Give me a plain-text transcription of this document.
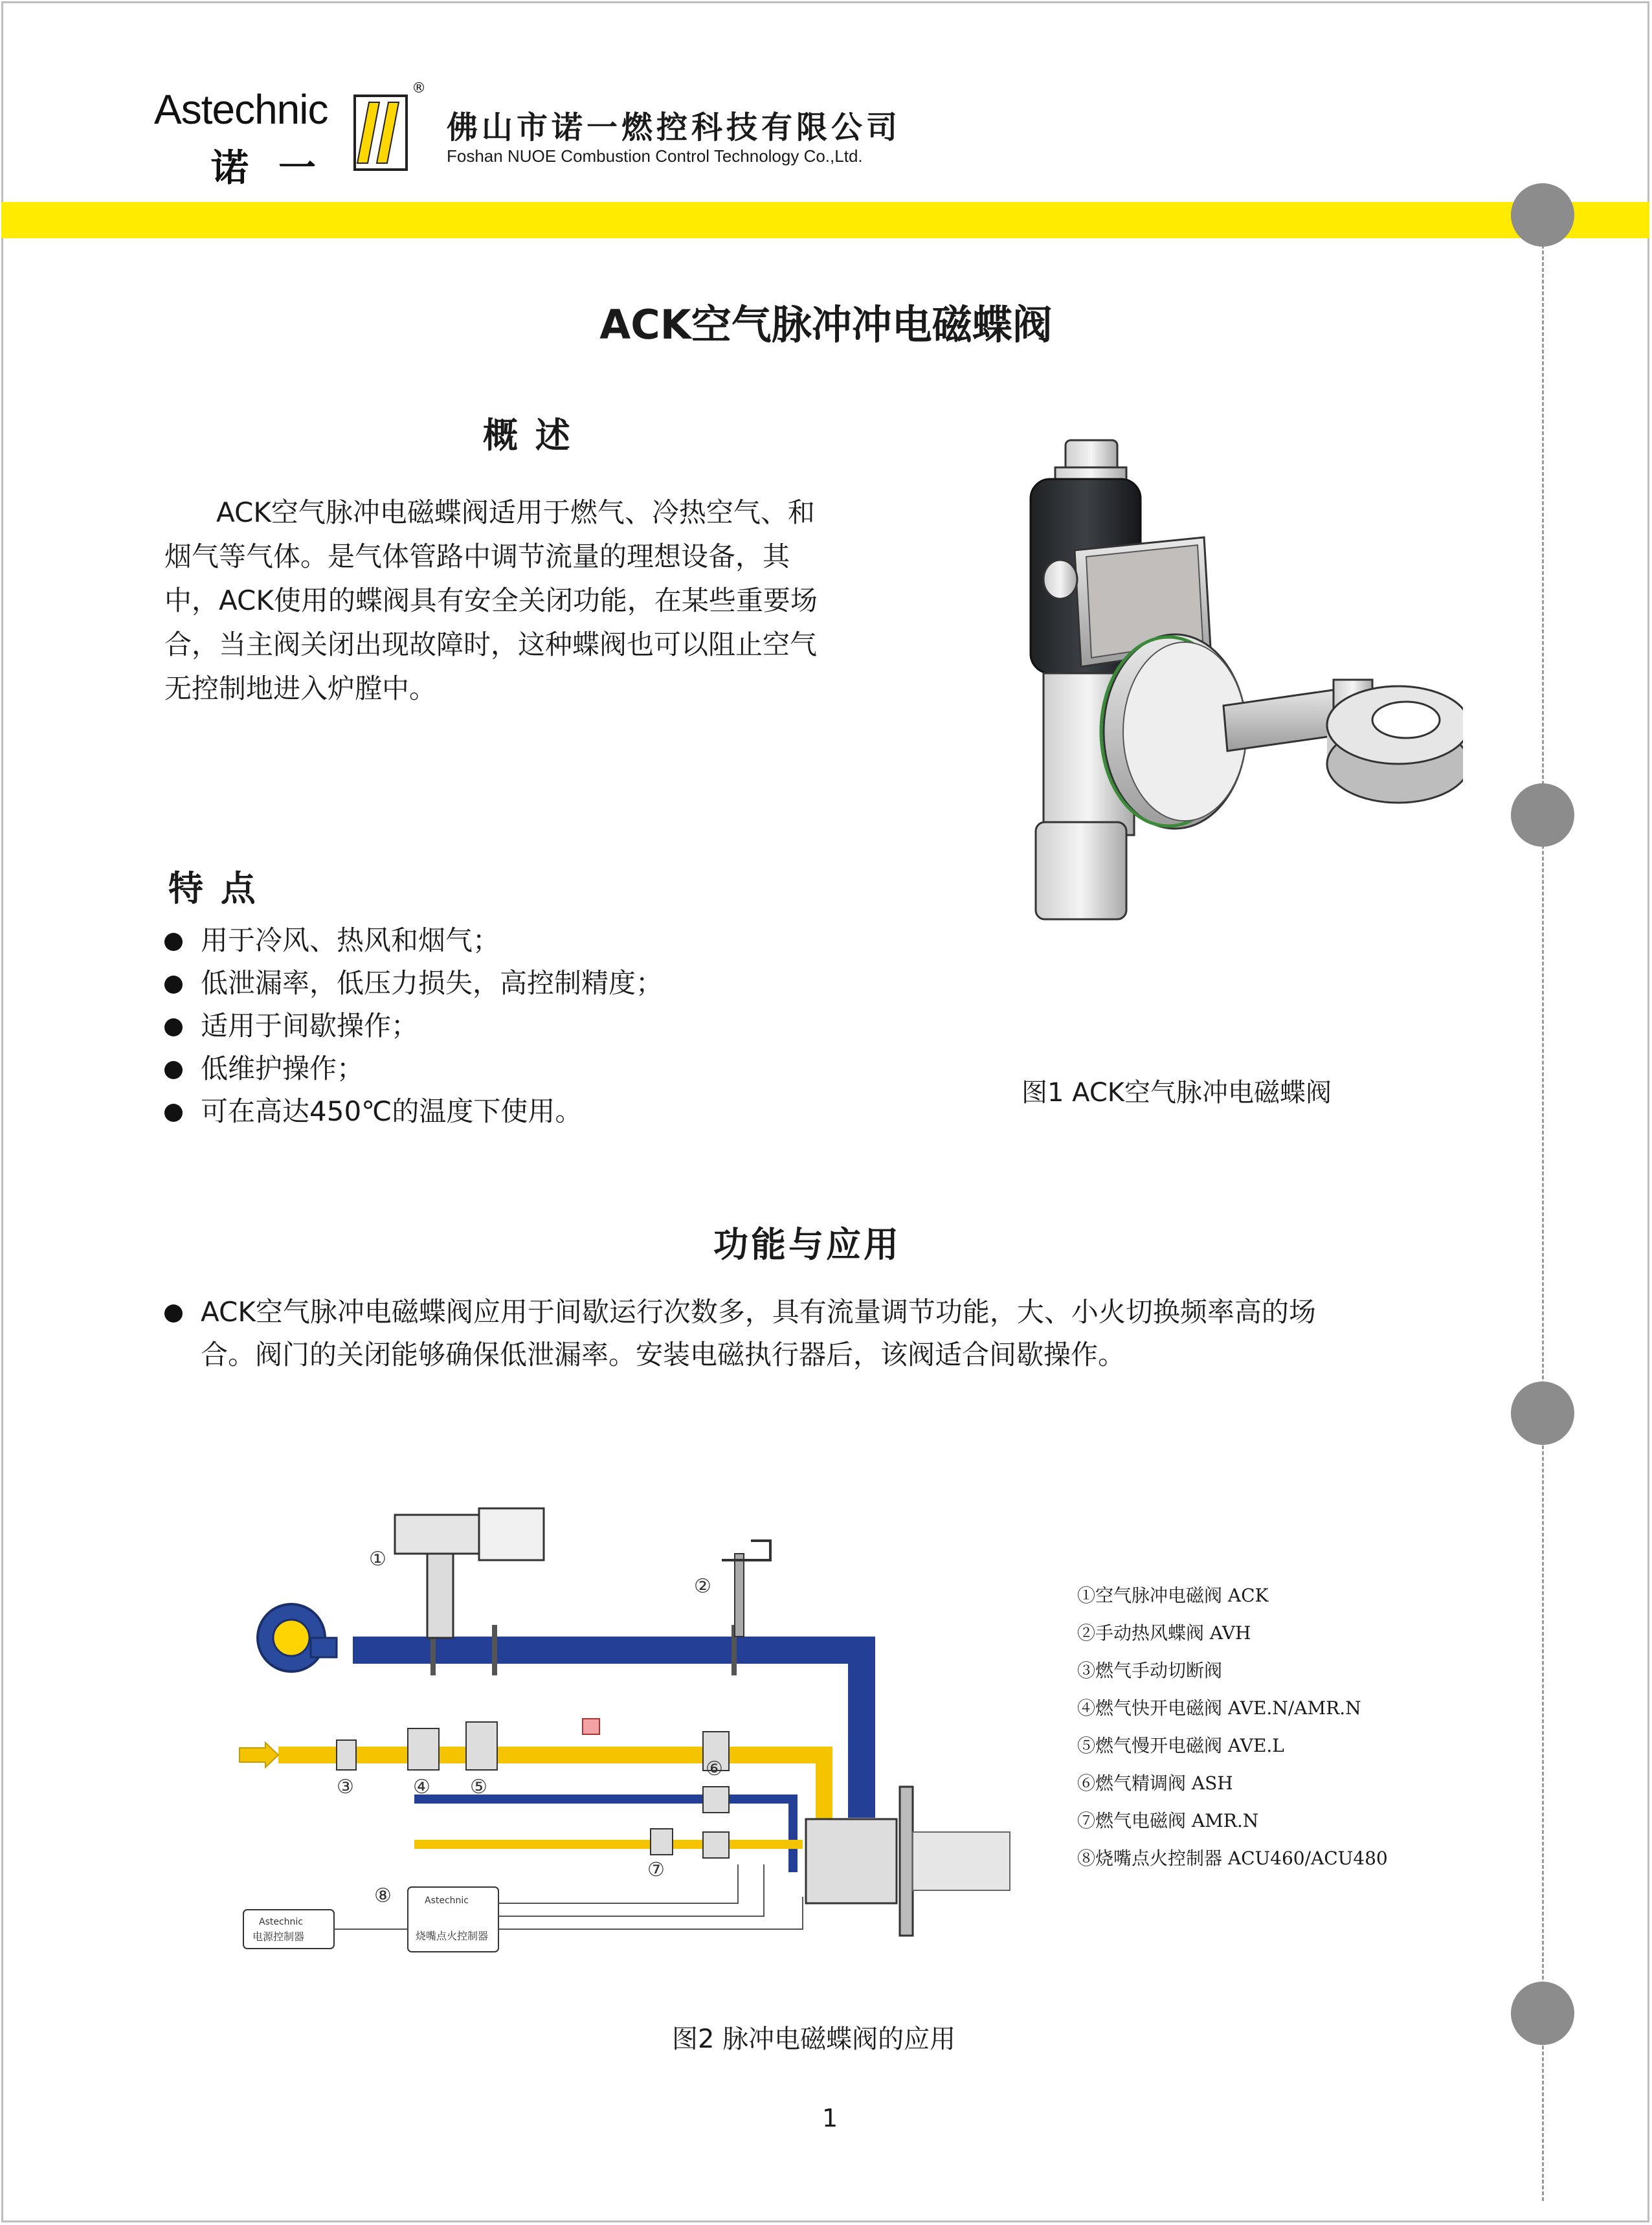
Astechnic
诺一
®
佛山市诺一燃控科技有限公司
Foshan NUOE Combustion Control Technology Co.,Ltd.
ACK空气脉冲冲电磁蝶阀
概 述

ACK空气脉冲电磁蝶阀适用于燃气、冷热空气、和

烟气等气体。是气体管路中调节流量的理想设备，其

中，ACK使用的蝶阀具有安全关闭功能，在某些重要场

合，当主阀关闭出现故障时，这种蝶阀也可以阻止空气

无控制地进入炉膛中。

图1 ACK空气脉冲电磁蝶阀
特 点
用于冷风、热风和烟气；
低泄漏率，低压力损失，高控制精度；
适用于间歇操作；
低维护操作；
可在高达450℃的温度下使用。
功能与应用
ACK空气脉冲电磁蝶阀应用于间歇运行次数多，具有流量调节功能，大、小火切换频率高的场
合。阀门的关闭能够确保低泄漏率。安装电磁执行器后，该阀适合间歇操作。
①
②
③	④ ⑤
⑥
⑦
⑧
Astechnic
电源控制器
Astechnic
烧嘴点火控制器
①空气脉冲电磁阀 ACK
②手动热风蝶阀 AVH
③燃气手动切断阀
④燃气快开电磁阀 AVE.N/AMR.N
⑤燃气慢开电磁阀 AVE.L
⑥燃气精调阀 ASH
⑦燃气电磁阀 AMR.N
⑧烧嘴点火控制器 ACU460/ACU480
图2 脉冲电磁蝶阀的应用
1
